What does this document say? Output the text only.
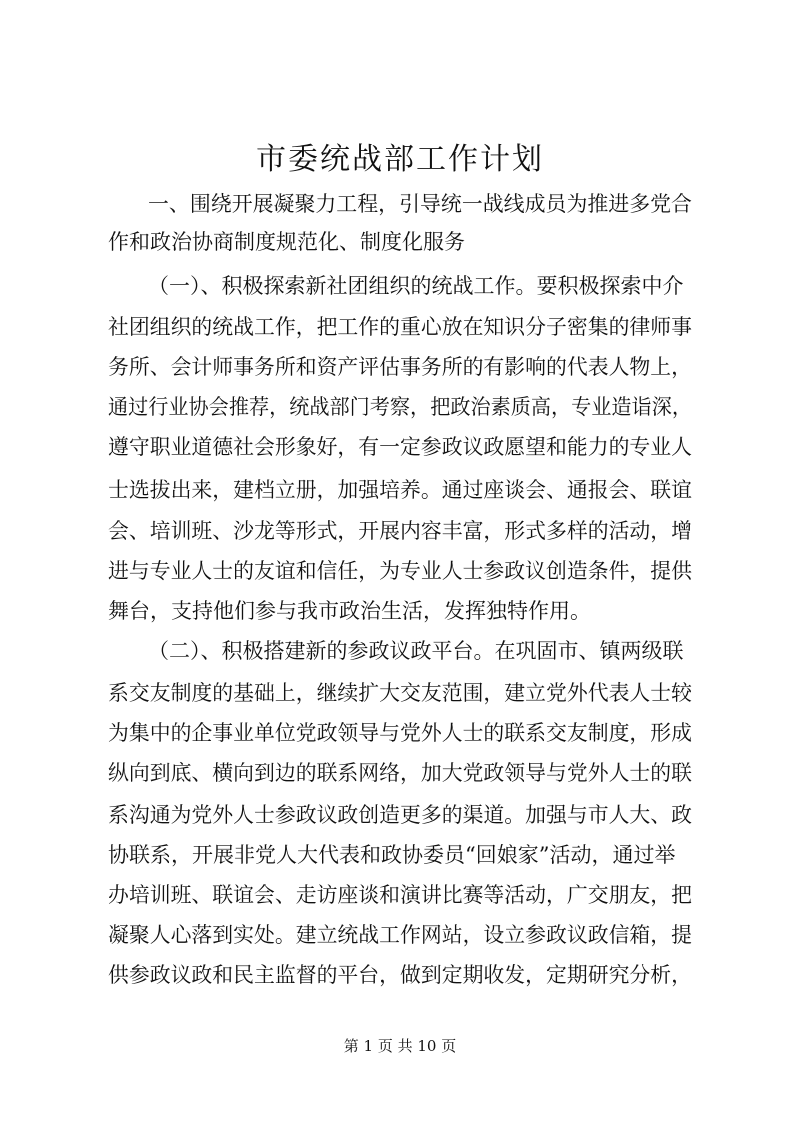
市委统战部工作计划
一、围绕开展凝聚力工程，引导统一战线成员为推进多党合
作和政治协商制度规范化、制度化服务
（一）、积极探索新社团组织的统战工作。要积极探索中介
社团组织的统战工作，把工作的重心放在知识分子密集的律师事
务所、会计师事务所和资产评估事务所的有影响的代表人物上，
通过行业协会推荐，统战部门考察，把政治素质高，专业造诣深，
遵守职业道德社会形象好，有一定参政议政愿望和能力的专业人
士选拔出来，建档立册，加强培养。通过座谈会、通报会、联谊
会、培训班、沙龙等形式，开展内容丰富，形式多样的活动，增
进与专业人士的友谊和信任，为专业人士参政议创造条件，提供
舞台，支持他们参与我市政治生活，发挥独特作用。
（二）、积极搭建新的参政议政平台。在巩固市、镇两级联
系交友制度的基础上，继续扩大交友范围，建立党外代表人士较
为集中的企事业单位党政领导与党外人士的联系交友制度，形成
纵向到底、横向到边的联系网络，加大党政领导与党外人士的联
系沟通为党外人士参政议政创造更多的渠道。加强与市人大、政
协联系，开展非党人大代表和政协委员“回娘家”活动，通过举
办培训班、联谊会、走访座谈和演讲比赛等活动，广交朋友，把
凝聚人心落到实处。建立统战工作网站，设立参政议政信箱，提
供参政议政和民主监督的平台，做到定期收发，定期研究分析，
第 1 页 共 10 页
